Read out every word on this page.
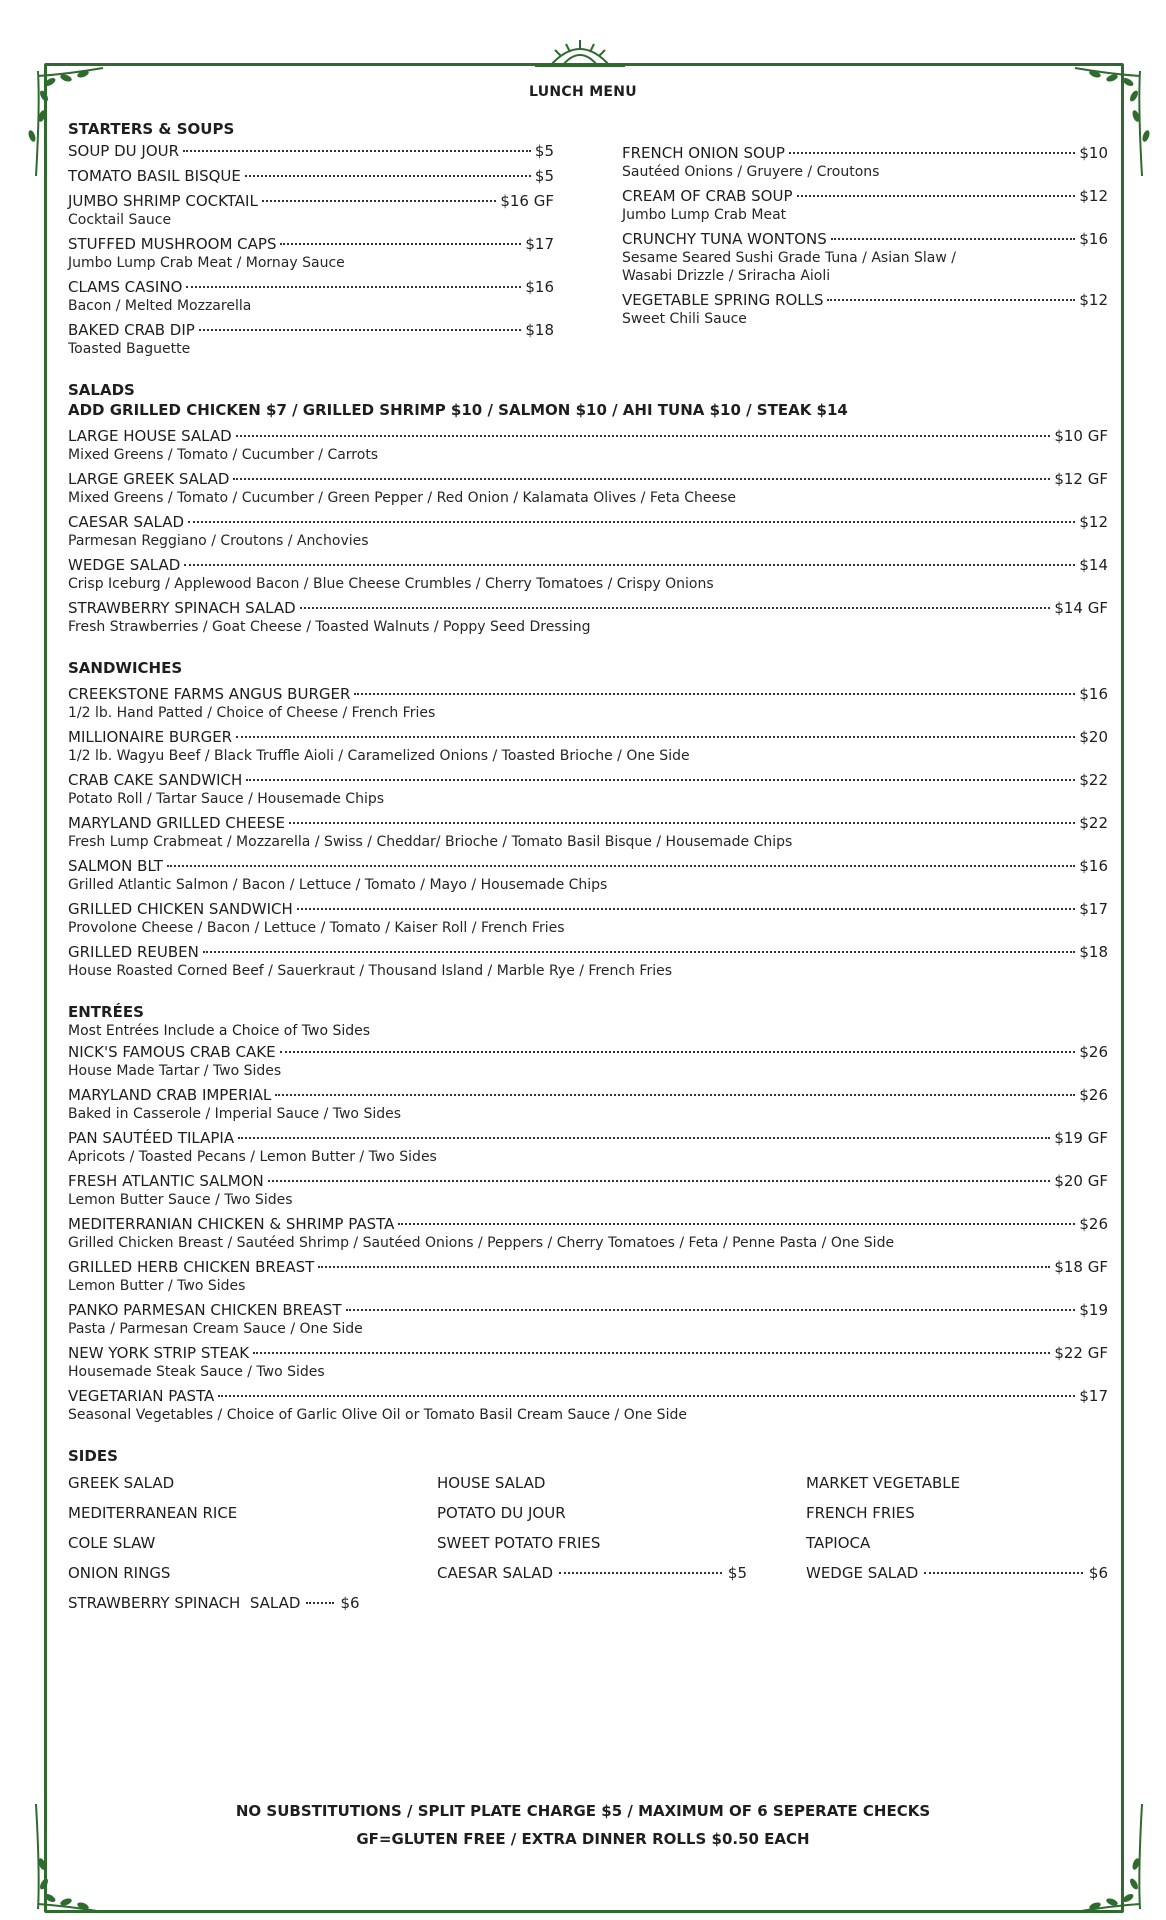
LUNCH MENU
STARTERS & SOUPS
SOUP DU JOUR	$5
TOMATO BASIL BISQUE	$5
JUMBO SHRIMP COCKTAIL	$16 GF
Cocktail Sauce
STUFFED MUSHROOM CAPS	$17
Jumbo Lump Crab Meat / Mornay Sauce
CLAMS CASINO	$16
Bacon / Melted Mozzarella
BAKED CRAB DIP	$18
Toasted Baguette
FRENCH ONION SOUP	$10
Sautéed Onions / Gruyere / Croutons
CREAM OF CRAB SOUP	$12
Jumbo Lump Crab Meat
CRUNCHY TUNA WONTONS	$16
Sesame Seared Sushi Grade Tuna / Asian Slaw /
Wasabi Drizzle / Sriracha Aioli
VEGETABLE SPRING ROLLS	$12
Sweet Chili Sauce
SALADS
ADD GRILLED CHICKEN $7 / GRILLED SHRIMP $10 / SALMON $10 / AHI TUNA $10 / STEAK $14
LARGE HOUSE SALAD	$10 GF
Mixed Greens / Tomato / Cucumber / Carrots
LARGE GREEK SALAD	$12 GF
Mixed Greens / Tomato / Cucumber / Green Pepper / Red Onion / Kalamata Olives / Feta Cheese
CAESAR SALAD	$12
Parmesan Reggiano / Croutons / Anchovies
WEDGE SALAD	$14
Crisp Iceburg / Applewood Bacon / Blue Cheese Crumbles / Cherry Tomatoes / Crispy Onions
STRAWBERRY SPINACH SALAD	$14 GF
Fresh Strawberries / Goat Cheese / Toasted Walnuts / Poppy Seed Dressing
SANDWICHES
CREEKSTONE FARMS ANGUS BURGER	$16
1/2 lb. Hand Patted / Choice of Cheese / French Fries
MILLIONAIRE BURGER	$20
1/2 lb. Wagyu Beef / Black Truffle Aioli / Caramelized Onions / Toasted Brioche / One Side
CRAB CAKE SANDWICH	$22
Potato Roll / Tartar Sauce / Housemade Chips
MARYLAND GRILLED CHEESE	$22
Fresh Lump Crabmeat / Mozzarella / Swiss / Cheddar/ Brioche / Tomato Basil Bisque / Housemade Chips
SALMON BLT	$16
Grilled Atlantic Salmon / Bacon / Lettuce / Tomato / Mayo / Housemade Chips
GRILLED CHICKEN SANDWICH	$17
Provolone Cheese / Bacon / Lettuce / Tomato / Kaiser Roll / French Fries
GRILLED REUBEN	$18
House Roasted Corned Beef / Sauerkraut / Thousand Island / Marble Rye / French Fries
ENTRÉES
Most Entrées Include a Choice of Two Sides
NICK'S FAMOUS CRAB CAKE	$26
House Made Tartar / Two Sides
MARYLAND CRAB IMPERIAL	$26
Baked in Casserole / Imperial Sauce / Two Sides
PAN SAUTÉED TILAPIA	$19 GF
Apricots / Toasted Pecans / Lemon Butter / Two Sides
FRESH ATLANTIC SALMON	$20 GF
Lemon Butter Sauce / Two Sides
MEDITERRANIAN CHICKEN & SHRIMP PASTA	$26
Grilled Chicken Breast / Sautéed Shrimp / Sautéed Onions / Peppers / Cherry Tomatoes / Feta / Penne Pasta / One Side
GRILLED HERB CHICKEN BREAST	$18 GF
Lemon Butter / Two Sides
PANKO PARMESAN CHICKEN BREAST	$19
Pasta / Parmesan Cream Sauce / One Side
NEW YORK STRIP STEAK	$22 GF
Housemade Steak Sauce / Two Sides
VEGETARIAN PASTA	$17
Seasonal Vegetables / Choice of Garlic Olive Oil or Tomato Basil Cream Sauce / One Side
SIDES
GREEK SALAD	HOUSE SALAD	MARKET VEGETABLE
MEDITERRANEAN RICE	POTATO DU JOUR	FRENCH FRIES
COLE SLAW	SWEET POTATO FRIES	TAPIOCA
ONION RINGS	CAESAR SALAD	$5	WEDGE SALAD	$6
STRAWBERRY SPINACH  SALAD	$6
NO SUBSTITUTIONS / SPLIT PLATE CHARGE $5 / MAXIMUM OF 6 SEPERATE CHECKS
GF=GLUTEN FREE / EXTRA DINNER ROLLS $0.50 EACH
